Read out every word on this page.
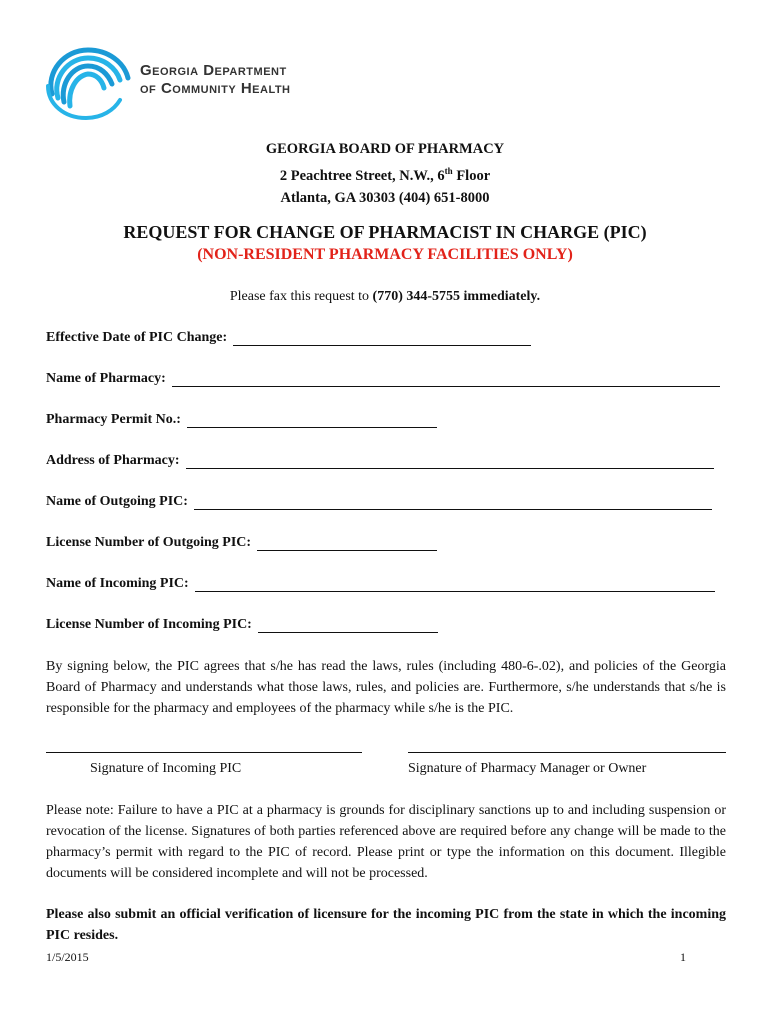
Georgia Department
of Community Health
GEORGIA BOARD OF PHARMACY
2 Peachtree Street, N.W., 6th Floor
Atlanta, GA 30303 (404) 651-8000
REQUEST FOR CHANGE OF PHARMACIST IN CHARGE (PIC)
(NON-RESIDENT PHARMACY FACILITIES ONLY)
Please fax this request to (770) 344-5755 immediately.
Effective Date of PIC Change:
Name of Pharmacy:
Pharmacy Permit No.:
Address of Pharmacy:
Name of Outgoing PIC:
License Number of Outgoing PIC:
Name of Incoming PIC:
License Number of Incoming PIC:
By signing below, the PIC agrees that s/he has read the laws, rules (including 480-6-.02), and policies of the Georgia Board of Pharmacy and understands what those laws, rules, and policies are. Furthermore, s/he understands that s/he is responsible for the pharmacy and employees of the pharmacy while s/he is the PIC.
Signature of Incoming PIC	Signature of Pharmacy Manager or Owner
Please note: Failure to have a PIC at a pharmacy is grounds for disciplinary sanctions up to and including suspension or revocation of the license. Signatures of both parties referenced above are required before any change will be made to the pharmacy’s permit with regard to the PIC of record. Please print or type the information on this document. Illegible documents will be considered incomplete and will not be processed.
Please also submit an official verification of licensure for the incoming PIC from the state in which the incoming PIC resides.
1/5/2015	1
